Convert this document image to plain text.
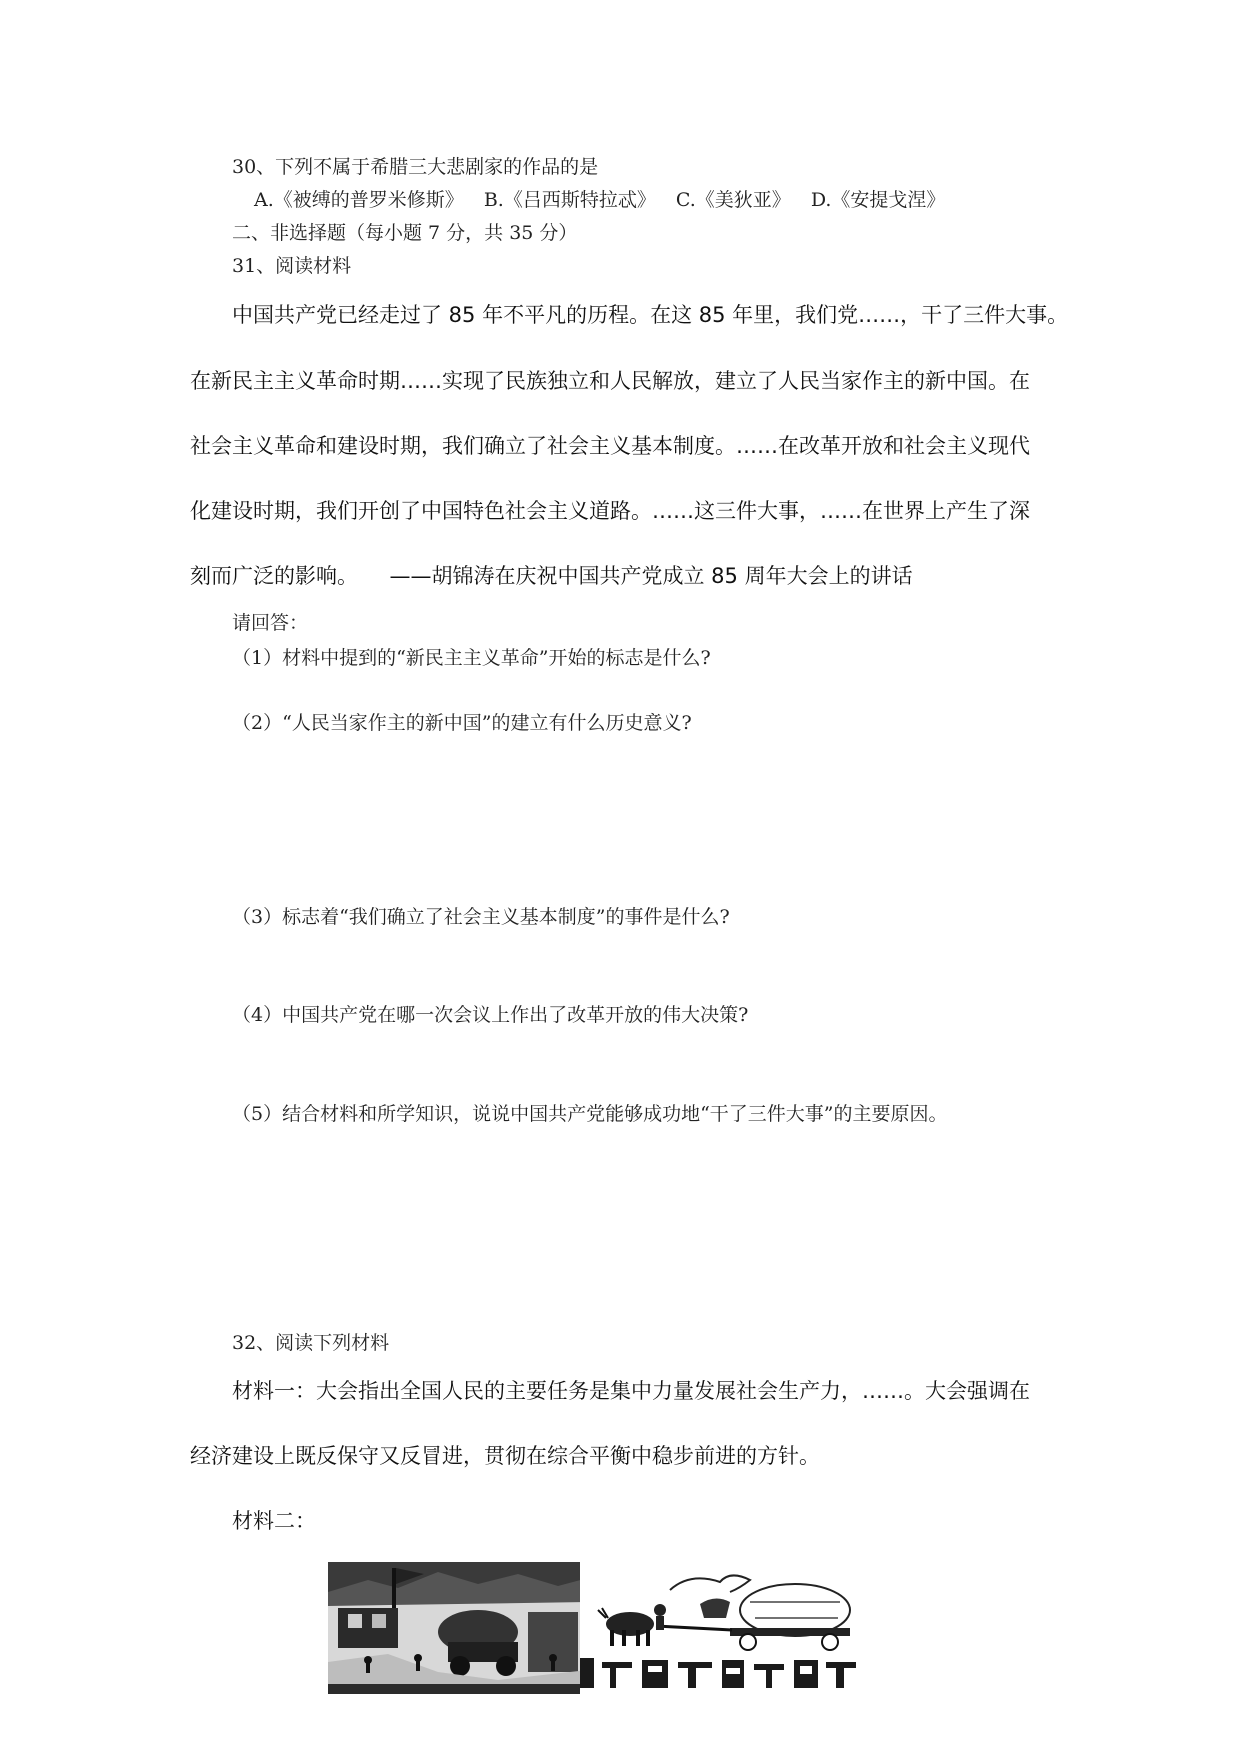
30、下列不属于希腊三大悲剧家的作品的是
A.《被缚的普罗米修斯》 B.《吕西斯特拉忒》 C.《美狄亚》 D.《安提戈涅》
二、非选择题（每小题 7 分，共 35 分）
31、阅读材料
中国共产党已经走过了 85 年不平凡的历程。在这 85 年里，我们党……，干了三件大事。
在新民主主义革命时期……实现了民族独立和人民解放，建立了人民当家作主的新中国。在
社会主义革命和建设时期，我们确立了社会主义基本制度。……在改革开放和社会主义现代
化建设时期，我们开创了中国特色社会主义道路。……这三件大事，……在世界上产生了深
刻而广泛的影响。　　——胡锦涛在庆祝中国共产党成立 85 周年大会上的讲话
请回答：
（1）材料中提到的“新民主主义革命”开始的标志是什么?
（2）“人民当家作主的新中国”的建立有什么历史意义?
（3）标志着“我们确立了社会主义基本制度”的事件是什么?
（4）中国共产党在哪一次会议上作出了改革开放的伟大决策?
（5）结合材料和所学知识，说说中国共产党能够成功地“干了三件大事”的主要原因。
32、阅读下列材料
材料一：大会指出全国人民的主要任务是集中力量发展社会生产力，……。大会强调在
经济建设上既反保守又反冒进，贯彻在综合平衡中稳步前进的方针。
材料二：
